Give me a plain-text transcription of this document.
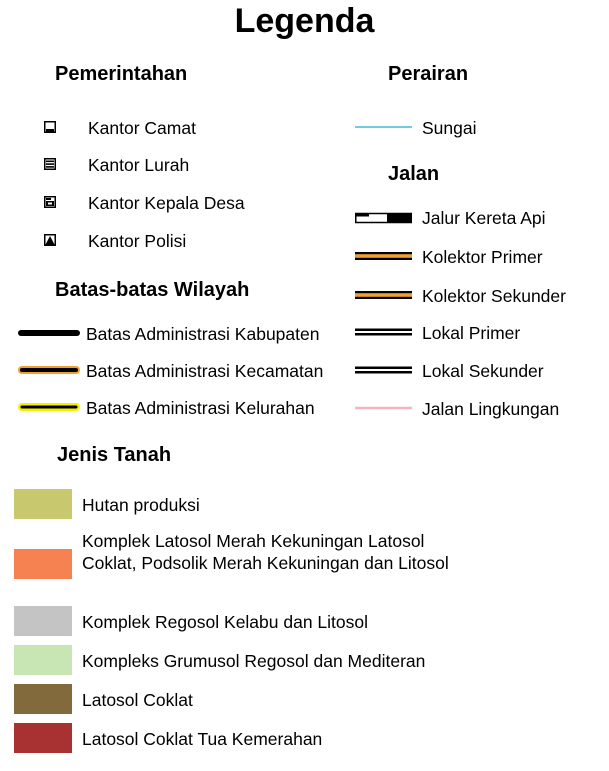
Legenda
Pemerintahan
Kantor Camat
Kantor Lurah
Kantor Kepala Desa
Kantor Polisi
Perairan
Sungai
Jalan
Jalur Kereta Api
Kolektor Primer
Kolektor Sekunder
Lokal Primer
Lokal Sekunder
Jalan Lingkungan
Batas-batas Wilayah
Batas Administrasi Kabupaten
Batas Administrasi Kecamatan
Batas Administrasi Kelurahan
Jenis Tanah
Hutan produksi
Komplek Latosol Merah Kekuningan Latosol Coklat, Podsolik Merah Kekuningan dan Litosol
Komplek Regosol Kelabu dan Litosol
Kompleks Grumusol Regosol dan Mediteran
Latosol Coklat
Latosol Coklat Tua Kemerahan
